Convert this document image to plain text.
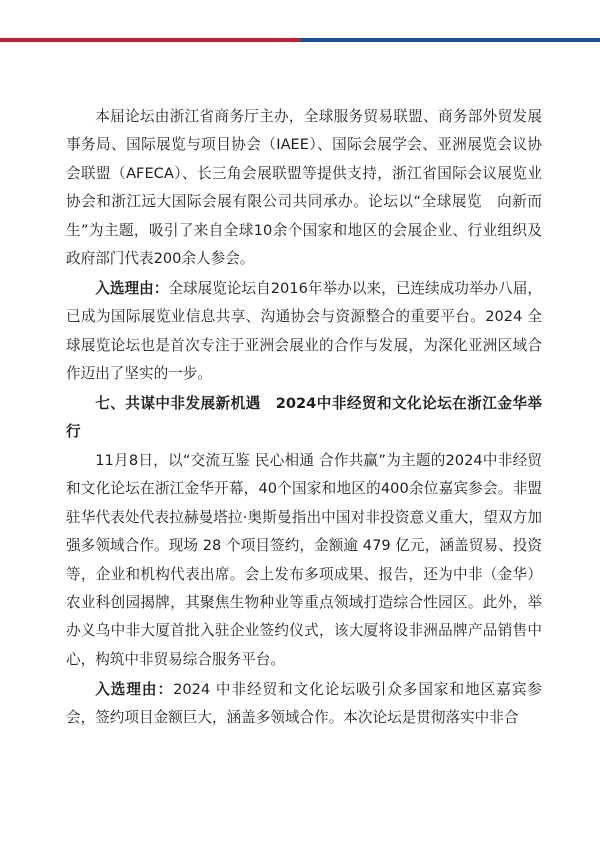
本届论坛由浙江省商务厅主办，全球服务贸易联盟、商务部外贸发展事务局、国际展览与项目协会（IAEE）、国际会展学会、亚洲展览会议协会联盟（AFECA）、长三角会展联盟等提供支持，浙江省国际会议展览业协会和浙江远大国际会展有限公司共同承办。论坛以“全球展览　向新而生”为主题，吸引了来自全球10余个国家和地区的会展企业、行业组织及政府部门代表200余人参会。

入选理由：全球展览论坛自2016年举办以来，已连续成功举办八届，已成为国际展览业信息共享、沟通协会与资源整合的重要平台。2024 全球展览论坛也是首次专注于亚洲会展业的合作与发展，为深化亚洲区域合作迈出了坚实的一步。

七、共谋中非发展新机遇　2024中非经贸和文化论坛在浙江金华举行

11月8日，以“交流互鉴 民心相通 合作共赢”为主题的2024中非经贸和文化论坛在浙江金华开幕，40个国家和地区的400余位嘉宾参会。非盟驻华代表处代表拉赫曼塔拉·奥斯曼指出中国对非投资意义重大，望双方加强多领域合作。现场 28 个项目签约，金额逾 479 亿元，涵盖贸易、投资等，企业和机构代表出席。会上发布多项成果、报告，还为中非（金华）农业科创园揭牌，其聚焦生物种业等重点领域打造综合性园区。此外，举办义乌中非大厦首批入驻企业签约仪式，该大厦将设非洲品牌产品销售中心，构筑中非贸易综合服务平台。

入选理由：2024 中非经贸和文化论坛吸引众多国家和地区嘉宾参会，签约项目金额巨大，涵盖多领域合作。本次论坛是贯彻落实中非合
